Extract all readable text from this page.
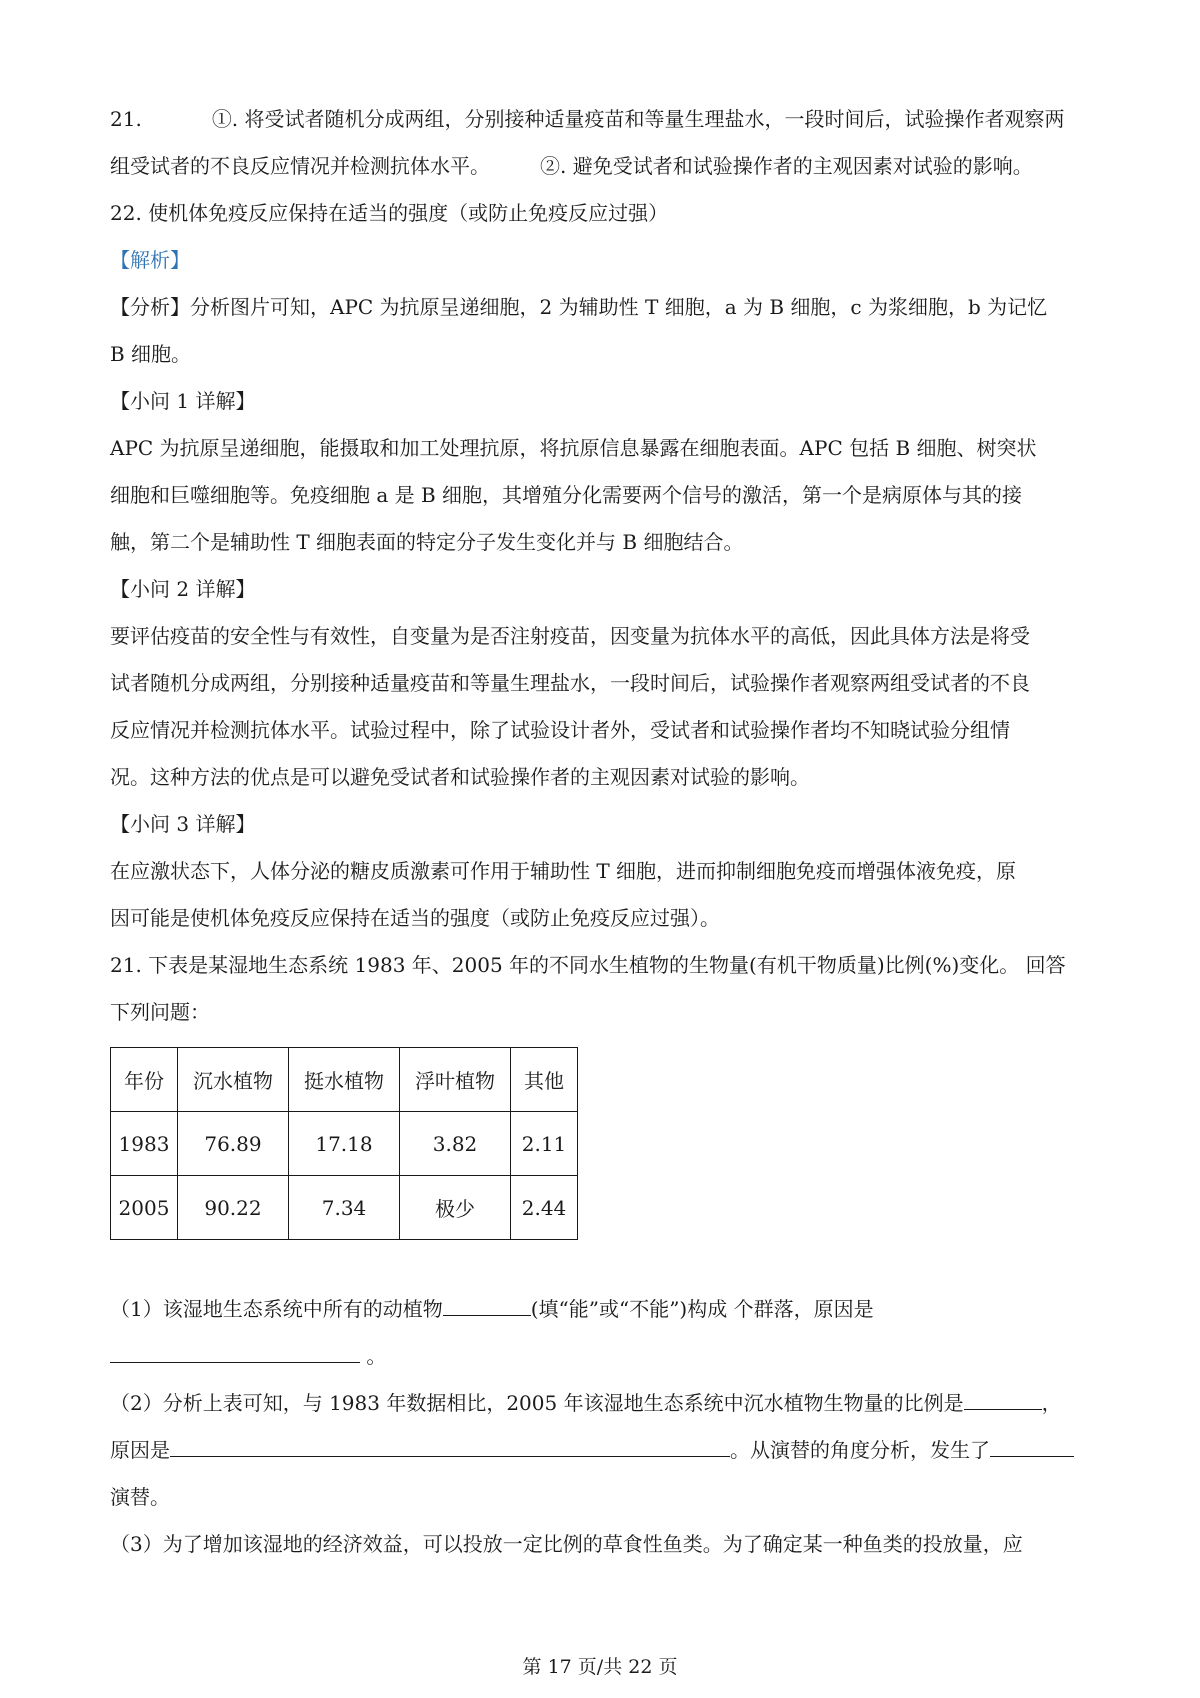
21.	①. 将受试者随机分成两组，分别接种适量疫苗和等量生理盐水，一段时间后，试验操作者观察两
组受试者的不良反应情况并检测抗体水平。	②. 避免受试者和试验操作者的主观因素对试验的影响。
22. 使机体免疫反应保持在适当的强度（或防止免疫反应过强）
【解析】
【分析】分析图片可知，APC 为抗原呈递细胞，2 为辅助性 T 细胞，a 为 B 细胞，c 为浆细胞，b 为记忆
B 细胞。
【小问 1 详解】
APC 为抗原呈递细胞，能摄取和加工处理抗原，将抗原信息暴露在细胞表面。APC 包括 B 细胞、树突状
细胞和巨噬细胞等。免疫细胞 a 是 B 细胞，其增殖分化需要两个信号的激活，第一个是病原体与其的接
触，第二个是辅助性 T 细胞表面的特定分子发生变化并与 B 细胞结合。
【小问 2 详解】
要评估疫苗的安全性与有效性，自变量为是否注射疫苗，因变量为抗体水平的高低，因此具体方法是将受
试者随机分成两组，分别接种适量疫苗和等量生理盐水，一段时间后，试验操作者观察两组受试者的不良
反应情况并检测抗体水平。试验过程中，除了试验设计者外，受试者和试验操作者均不知晓试验分组情
况。这种方法的优点是可以避免受试者和试验操作者的主观因素对试验的影响。
【小问 3 详解】
在应激状态下，人体分泌的糖皮质激素可作用于辅助性 T 细胞，进而抑制细胞免疫而增强体液免疫，原
因可能是使机体免疫反应保持在适当的强度（或防止免疫反应过强）。
21. 下表是某湿地生态系统 1983 年、2005 年的不同水生植物的生物量(有机干物质量)比例(%)变化。 回答
下列问题：
年份	沉水植物	挺水植物	浮叶植物	其他
1983	76.89	17.18	3.82	2.11
2005	90.22	7.34	极少	2.44
（1）该湿地生态系统中所有的动植物	(填“能”或“不能”)构成 个群落，原因是
。
（2）分析上表可知，与 1983 年数据相比，2005 年该湿地生态系统中沉水植物生物量的比例是	，
原因是	。从演替的角度分析，发生了
演替。
（3）为了增加该湿地的经济效益，可以投放一定比例的草食性鱼类。为了确定某一种鱼类的投放量，应
第 17 页/共 22 页
